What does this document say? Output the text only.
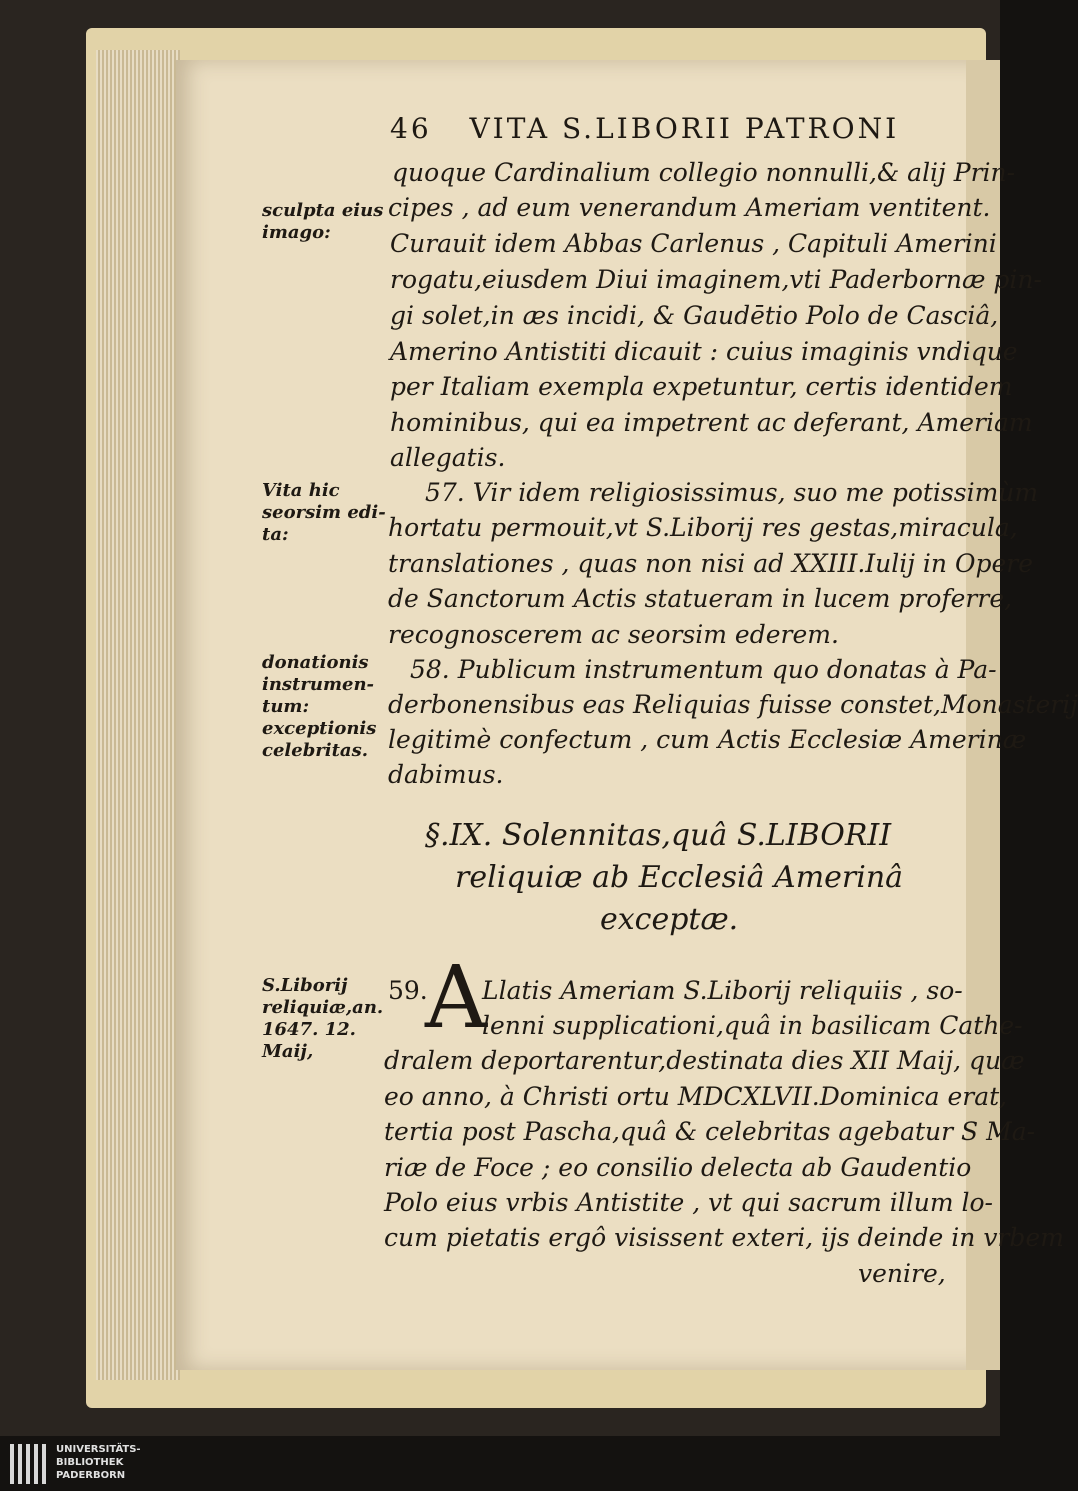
46 VITA S.LIBORII PATRONI
quoque Cardinalium collegio nonnulli,& alij Prin-
cipes , ad eum venerandum Ameriam ventitent.
Curauit idem Abbas Carlenus , Capituli Amerini
rogatu,eiusdem Diui imaginem,vti Paderbornæ pin-
gi solet,in æs incidi, & Gaudētio Polo de Casciâ,
Amerino Antistiti dicauit : cuius imaginis vndique
per Italiam exempla expetuntur, certis identidem
hominibus, qui ea impetrent ac deferant, Ameriam
allegatis.
57. Vir idem religiosissimus, suo me potissimùm
hortatu permouit,vt S.Liborij res gestas,miracula,
translationes , quas non nisi ad XXIII.Iulij in Opere
de Sanctorum Actis statueram in lucem proferre,
recognoscerem ac seorsim ederem.
58. Publicum instrumentum quo donatas à Pa-
derbonensibus eas Reliquias fuisse constet,Monasterij
legitimè confectum , cum Actis Ecclesiæ Amerinæ
dabimus.
sculpta eius
imago:
Vita hic
seorsim edi-
ta:
donationis
instrumen-
tum:
exceptionis
celebritas.
S.Liborij
reliquiæ,an.
1647. 12.
Maij,
§.IX. Solennitas,quâ S.LIBORII
reliquiæ ab Ecclesiâ Amerinâ
exceptæ.
59.
A
Llatis Ameriam S.Liborij reliquiis , so-
lenni supplicationi,quâ in basilicam Cathe-
dralem deportarentur,destinata dies XII Maij, quæ
eo anno, à Christi ortu MDCXLVII.Dominica erat,
tertia post Pascha,quâ & celebritas agebatur S Ma-
riæ de Foce ; eo consilio delecta ab Gaudentio
Polo eius vrbis Antistite , vt qui sacrum illum lo-
cum pietatis ergô visissent exteri, ijs deinde in vrbem
venire,
UNIVERSITÄTS-
BIBLIOTHEK
PADERBORN
